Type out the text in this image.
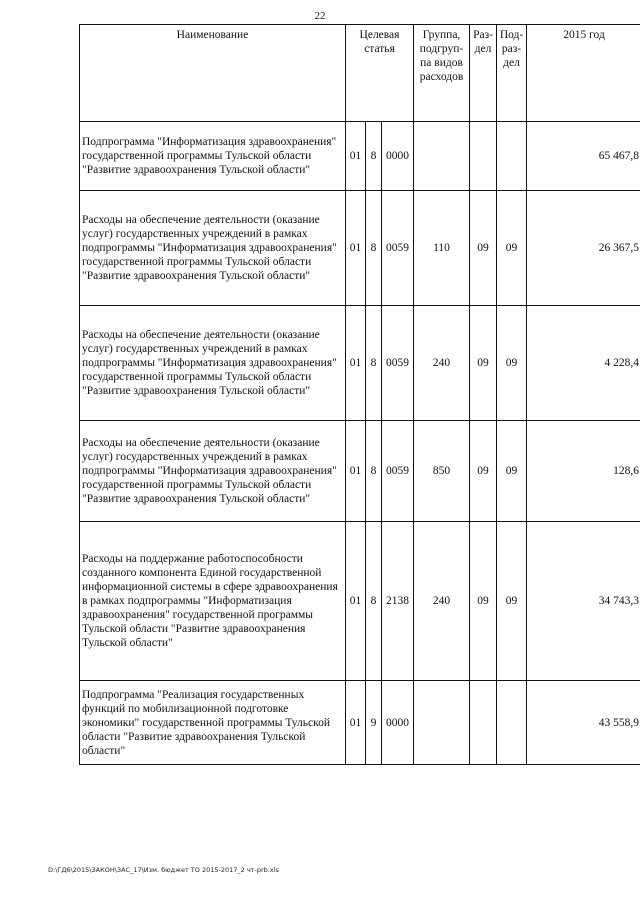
22
Наименование	Целевая статья			Группа, подгруп-па видов расходов	Раз-дел	Под-раз-дел	2015 год
Подпрограмма "Информатизация здравоохранения" государственной программы Тульской области "Развитие здравоохранения Тульской области"	01	8	0000				65 467,8
Расходы на обеспечение деятельности (оказание услуг) государственных учреждений в рамках подпрограммы "Информатизация здравоохранения" государственной программы Тульской области "Развитие здравоохранения Тульской области"	01	8	0059	110	09	09	26 367,5
Расходы на обеспечение деятельности (оказание услуг) государственных учреждений в рамках подпрограммы "Информатизация здравоохранения" государственной программы Тульской области "Развитие здравоохранения Тульской области"	01	8	0059	240	09	09	4 228,4
Расходы на обеспечение деятельности (оказание услуг) государственных учреждений в рамках подпрограммы "Информатизация здравоохранения" государственной программы Тульской области "Развитие здравоохранения Тульской области"	01	8	0059	850	09	09	128,6
Расходы на поддержание работоспособности созданного компонента Единой государственной информационной системы в сфере здравоохранения в рамках подпрограммы "Информатизация здравоохранения" государственной программы Тульской области "Развитие здравоохранения Тульской области"	01	8	2138	240	09	09	34 743,3
Подпрограмма "Реализация государственных функций по мобилизационной подготовке экономики" государственной программы Тульской области "Развитие здравоохранения Тульской области"	01	9	0000				43 558,9
D:\ГД6\2015\ЗАКОН\ЗАС_17\Изм. бюджет ТО 2015-2017_2 чт-prb.xls
